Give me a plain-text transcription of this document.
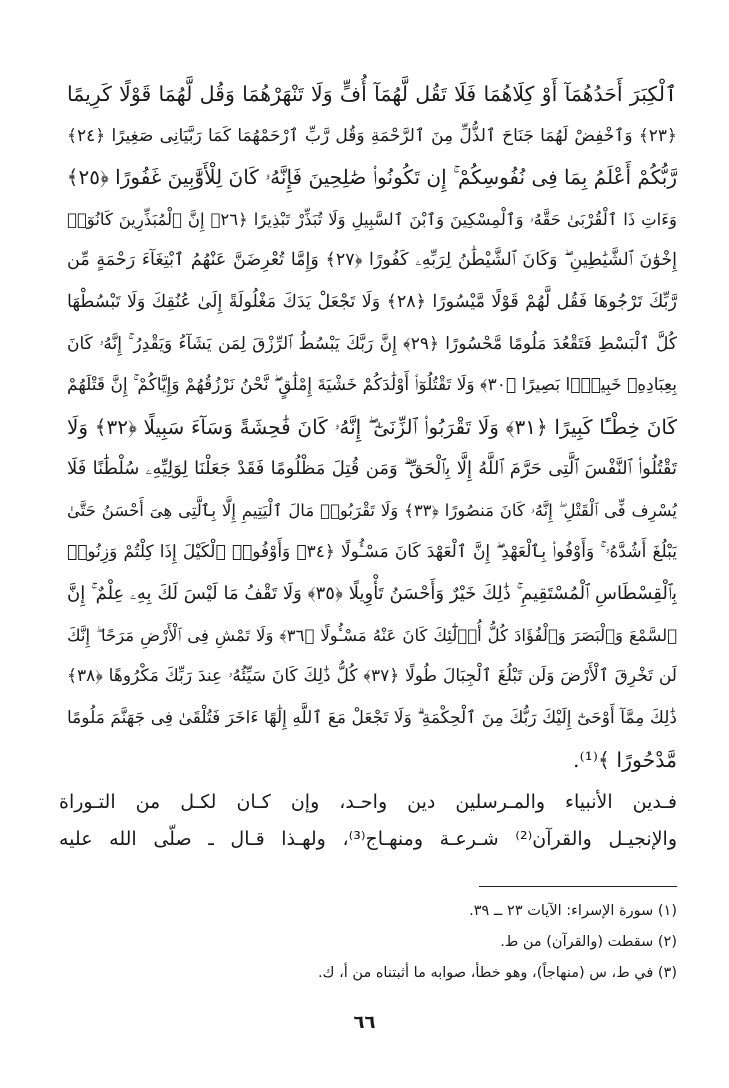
ٱلْكِبَرَ أَحَدُهُمَآ أَوْ كِلَاهُمَا فَلَا تَقُل لَّهُمَآ أُفٍّ وَلَا تَنْهَرْهُمَا وَقُل لَّهُمَا قَوْلًا كَرِيمًا
﴿٢٣﴾ وَٱخْفِضْ لَهُمَا جَنَاحَ ٱلذُّلِّ مِنَ ٱلرَّحْمَةِ وَقُل رَّبِّ ٱرْحَمْهُمَا كَمَا رَبَّيَانِى صَغِيرًا ﴿٢٤﴾
رَّبُّكُمْ أَعْلَمُ بِمَا فِى نُفُوسِكُمْ ۚ إِن تَكُونُوا۟ صَٰلِحِينَ فَإِنَّهُۥ كَانَ لِلْأَوَّٰبِينَ غَفُورًا ﴿٢٥﴾
وَءَاتِ ذَا ٱلْقُرْبَىٰ حَقَّهُۥ وَٱلْمِسْكِينَ وَٱبْنَ ٱلسَّبِيلِ وَلَا تُبَذِّرْ تَبْذِيرًا ﴿٢٦﴾ إِنَّ ٱلْمُبَذِّرِينَ كَانُوٓا۟
إِخْوَٰنَ ٱلشَّيَٰطِينِ ۖ وَكَانَ ٱلشَّيْطَٰنُ لِرَبِّهِۦ كَفُورًا ﴿٢٧﴾ وَإِمَّا تُعْرِضَنَّ عَنْهُمُ ٱبْتِغَآءَ رَحْمَةٍ مِّن
رَّبِّكَ تَرْجُوهَا فَقُل لَّهُمْ قَوْلًا مَّيْسُورًا ﴿٢٨﴾ وَلَا تَجْعَلْ يَدَكَ مَغْلُولَةً إِلَىٰ عُنُقِكَ وَلَا تَبْسُطْهَا
كُلَّ ٱلْبَسْطِ فَتَقْعُدَ مَلُومًا مَّحْسُورًا ﴿٢٩﴾ إِنَّ رَبَّكَ يَبْسُطُ ٱلرِّزْقَ لِمَن يَشَآءُ وَيَقْدِرُ ۚ إِنَّهُۥ كَانَ
بِعِبَادِهِۦ خَبِيرًۢا بَصِيرًا ﴿٣٠﴾ وَلَا تَقْتُلُوٓا۟ أَوْلَٰدَكُمْ خَشْيَةَ إِمْلَٰقٍ ۖ نَّحْنُ نَرْزُقُهُمْ وَإِيَّاكُمْ ۚ إِنَّ قَتْلَهُمْ
كَانَ خِطْـًٔا كَبِيرًا ﴿٣١﴾ وَلَا تَقْرَبُوا۟ ٱلزِّنَىٰٓ ۖ إِنَّهُۥ كَانَ فَٰحِشَةً وَسَآءَ سَبِيلًا ﴿٣٢﴾ وَلَا
تَقْتُلُوا۟ ٱلنَّفْسَ ٱلَّتِى حَرَّمَ ٱللَّهُ إِلَّا بِٱلْحَقِّ ۗ وَمَن قُتِلَ مَظْلُومًا فَقَدْ جَعَلْنَا لِوَلِيِّهِۦ سُلْطَٰنًا فَلَا
يُسْرِف فِّى ٱلْقَتْلِ ۖ إِنَّهُۥ كَانَ مَنصُورًا ﴿٣٣﴾ وَلَا تَقْرَبُوا۟ مَالَ ٱلْيَتِيمِ إِلَّا بِٱلَّتِى هِىَ أَحْسَنُ حَتَّىٰ
يَبْلُغَ أَشُدَّهُۥ ۚ وَأَوْفُوا۟ بِٱلْعَهْدِ ۖ إِنَّ ٱلْعَهْدَ كَانَ مَسْـُٔولًا ﴿٣٤﴾ وَأَوْفُوا۟ ٱلْكَيْلَ إِذَا كِلْتُمْ وَزِنُوا۟
بِٱلْقِسْطَاسِ ٱلْمُسْتَقِيمِ ۚ ذَٰلِكَ خَيْرٌ وَأَحْسَنُ تَأْوِيلًا ﴿٣٥﴾ وَلَا تَقْفُ مَا لَيْسَ لَكَ بِهِۦ عِلْمٌ ۚ إِنَّ
ٱلسَّمْعَ وَٱلْبَصَرَ وَٱلْفُؤَادَ كُلُّ أُو۟لَٰٓئِكَ كَانَ عَنْهُ مَسْـُٔولًا ﴿٣٦﴾ وَلَا تَمْشِ فِى ٱلْأَرْضِ مَرَحًا ۖ إِنَّكَ
لَن تَخْرِقَ ٱلْأَرْضَ وَلَن تَبْلُغَ ٱلْجِبَالَ طُولًا ﴿٣٧﴾ كُلُّ ذَٰلِكَ كَانَ سَيِّئُهُۥ عِندَ رَبِّكَ مَكْرُوهًا ﴿٣٨﴾
ذَٰلِكَ مِمَّآ أَوْحَىٰٓ إِلَيْكَ رَبُّكَ مِنَ ٱلْحِكْمَةِ ۗ وَلَا تَجْعَلْ مَعَ ٱللَّهِ إِلَٰهًا ءَاخَرَ فَتُلْقَىٰ فِى جَهَنَّمَ مَلُومًا
مَّدْحُورًا ﴾⁽¹⁾.
فـدين الأنبياء والمـرسلين دين واحـد، وإن كـان لكـل من التـوراة
والإنجيـل والقرآن⁽²⁾ شـرعـة ومنهـاج⁽³⁾، ولهـذا قـال ـ صلّى الله عليه
(١) سورة الإسراء: الآيات ٢٣ ــ ٣٩.
(٢) سقطت (والقرآن) من ط.
(٣) في ط، س (منهاجاً)، وهو خطأ، صوابه ما أثبتناه من أ، ك.
٦٦
